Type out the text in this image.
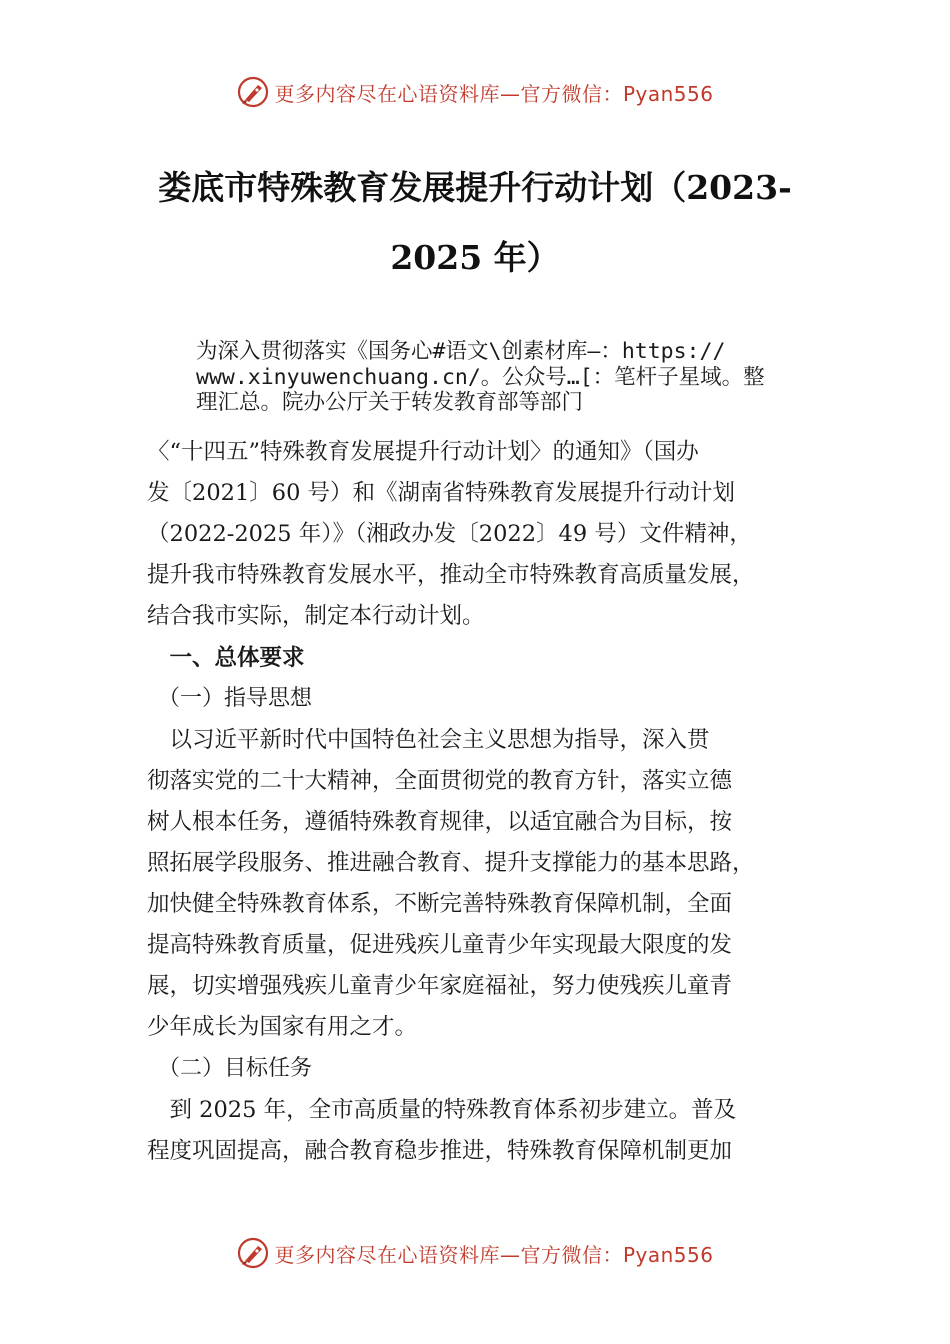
更多内容尽在心语资料库—官方微信：Pyan556
娄底市特殊教育发展提升行动计划（2023-
2025 年）

为深入贯彻落实《国务心#语文\创素材库—：https://
www.xinyuwenchuang.cn/。公众号…[：笔杆子星域。整
理汇总。院办公厅关于转发教育部等部门

〈“十四五”特殊教育发展提升行动计划〉的通知》（国办

发〔2021〕60 号）和《湖南省特殊教育发展提升行动计划

（2022-2025 年）》（湘政办发〔2022〕49 号）文件精神，

提升我市特殊教育发展水平，推动全市特殊教育高质量发展，

结合我市实际，制定本行动计划。

　一、总体要求

　（一）指导思想

　以习近平新时代中国特色社会主义思想为指导，深入贯

彻落实党的二十大精神，全面贯彻党的教育方针，落实立德

树人根本任务，遵循特殊教育规律，以适宜融合为目标，按

照拓展学段服务、推进融合教育、提升支撑能力的基本思路，

加快健全特殊教育体系，不断完善特殊教育保障机制，全面

提高特殊教育质量，促进残疾儿童青少年实现最大限度的发

展，切实增强残疾儿童青少年家庭福祉，努力使残疾儿童青

少年成长为国家有用之才。

　（二）目标任务

　到 2025 年，全市高质量的特殊教育体系初步建立。普及

程度巩固提高，融合教育稳步推进，特殊教育保障机制更加

更多内容尽在心语资料库—官方微信：Pyan556
